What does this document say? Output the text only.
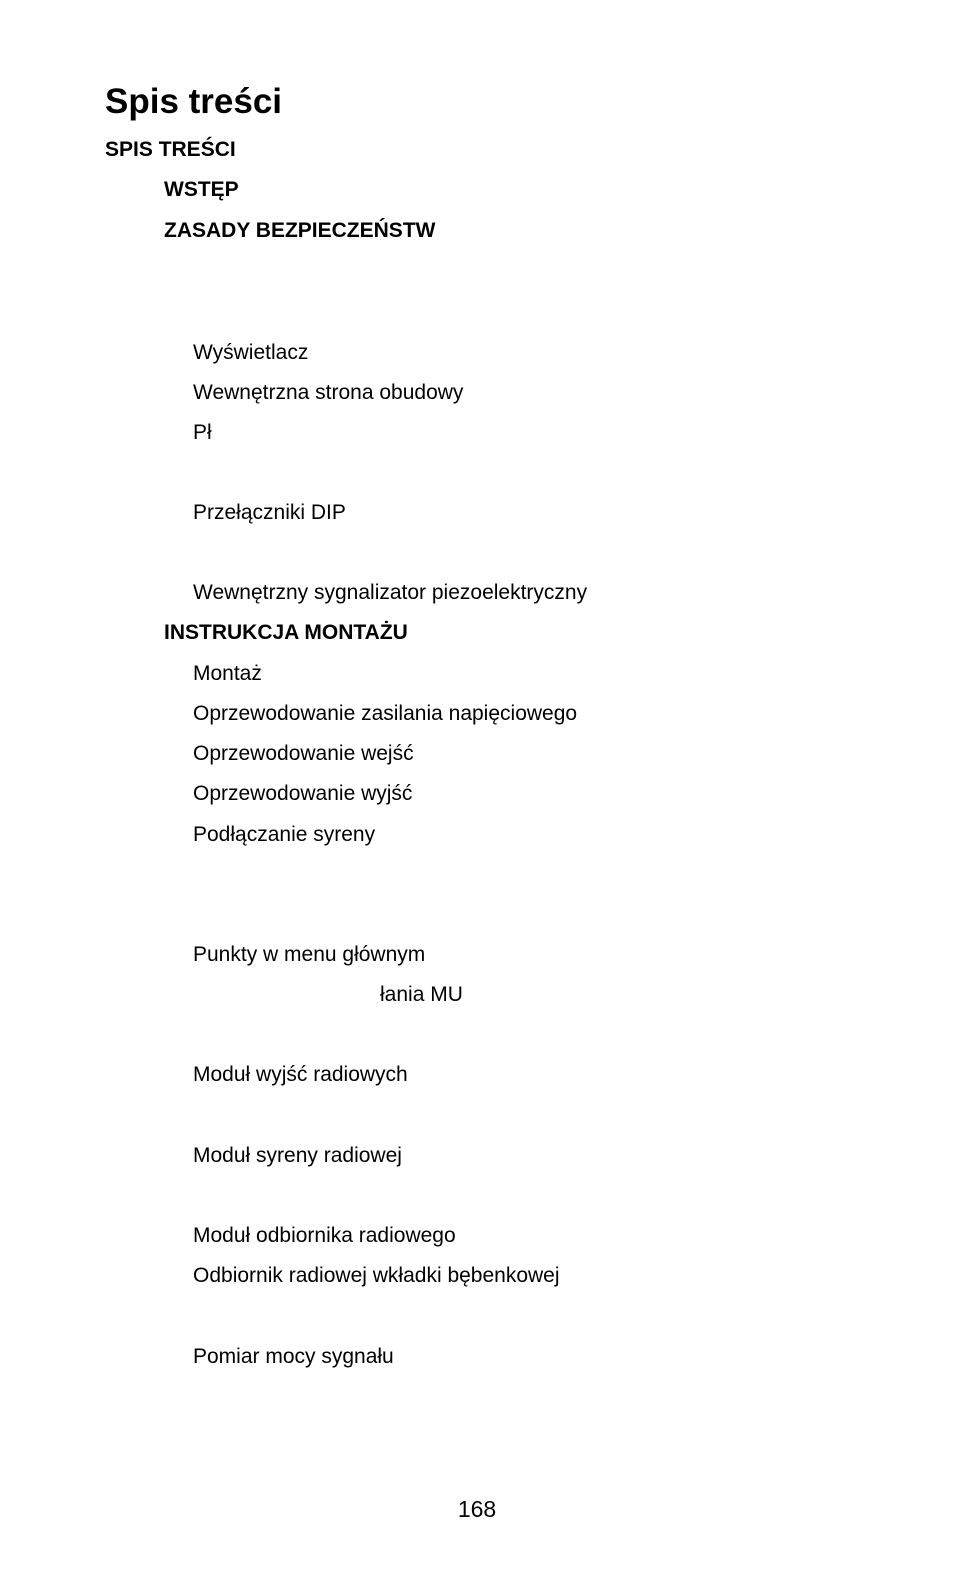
Spis treści
SPIS TREŚCI
WSTĘP
ZASADY BEZPIECZEŃSTW
Wyświetlacz
Wewnętrzna strona obudowy
Pł
Przełączniki DIP
Wewnętrzny sygnalizator piezoelektryczny
INSTRUKCJA MONTAŻU
Montaż
Oprzewodowanie zasilania napięciowego
Oprzewodowanie wejść
Oprzewodowanie wyjść
Podłączanie syreny
Punkty w menu głównym
łania MU
Moduł wyjść radiowych
Moduł syreny radiowej
Moduł odbiornika radiowego
Odbiornik radiowej wkładki bębenkowej
Pomiar mocy sygnału
168
